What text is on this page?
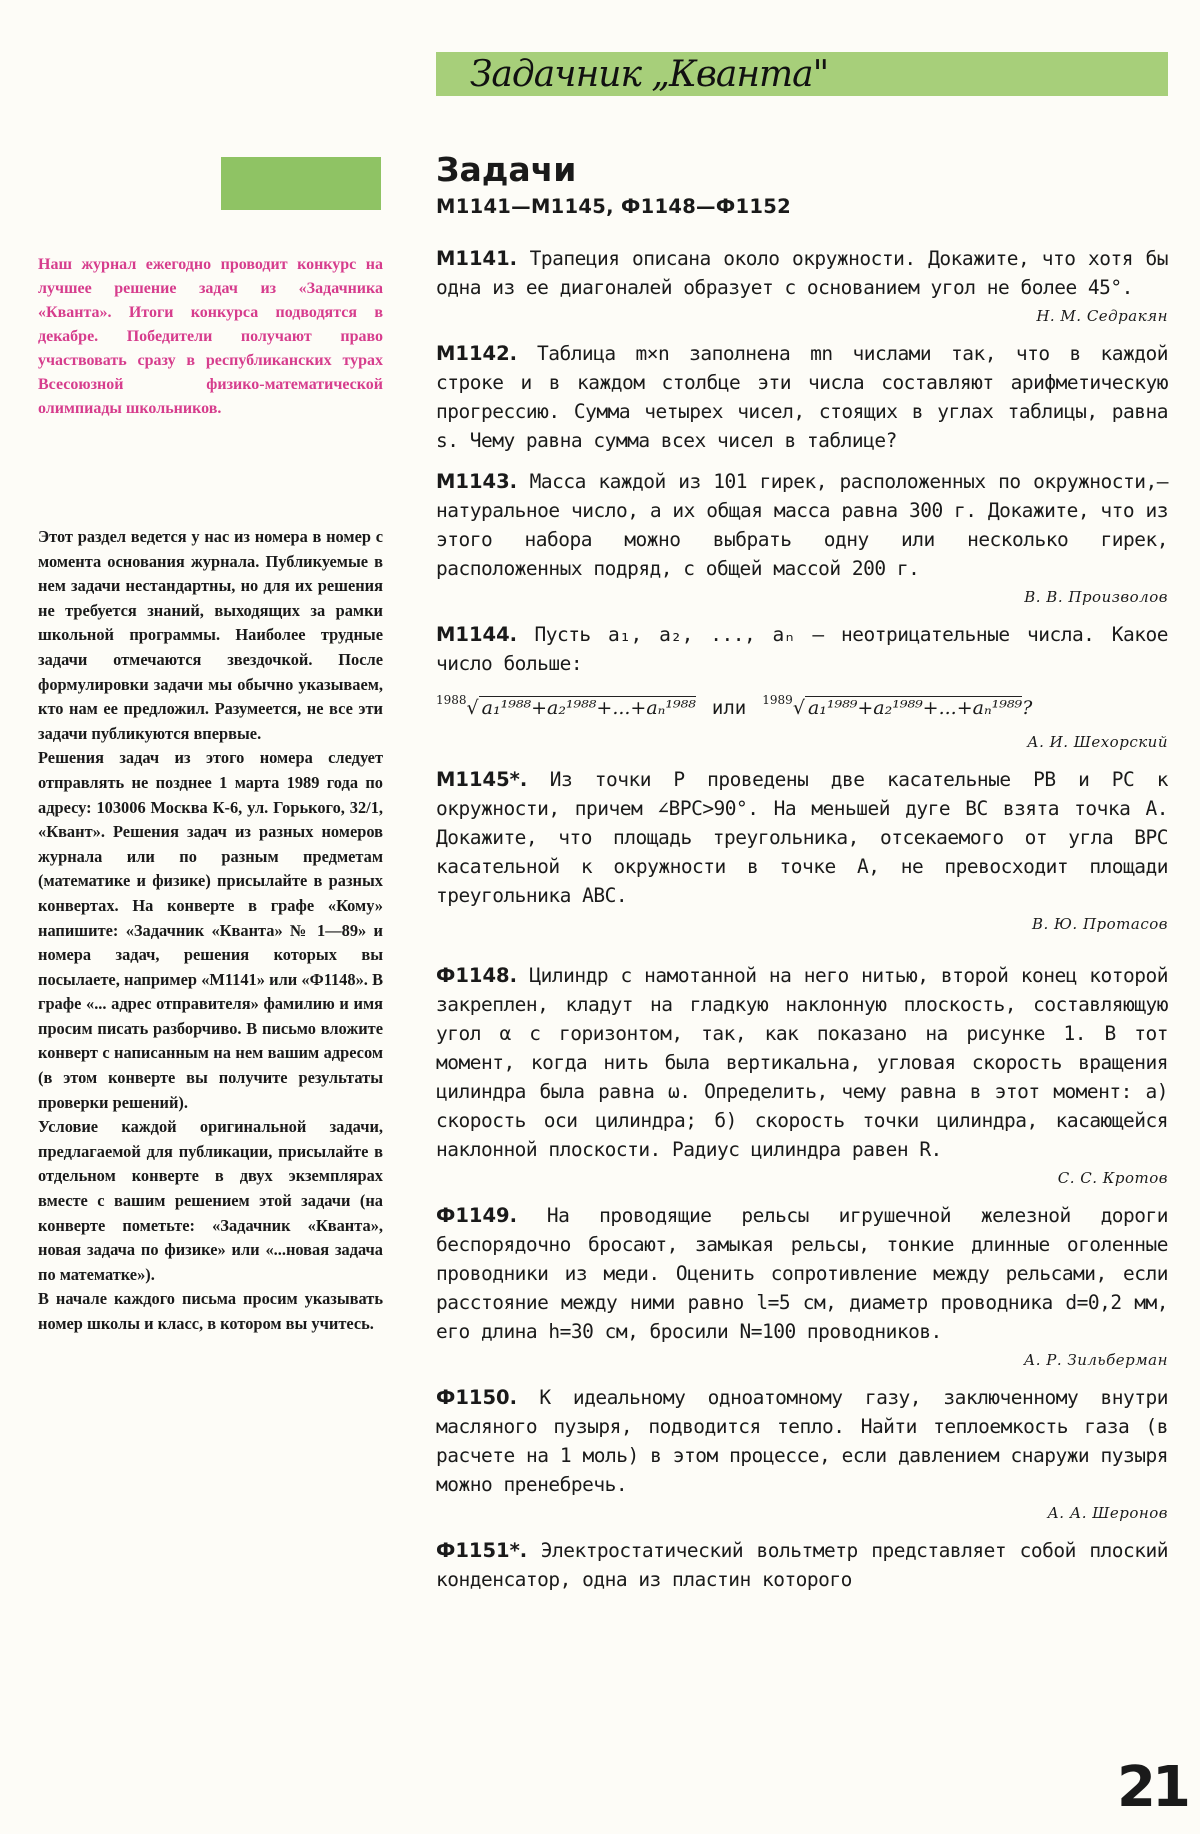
Задачник „Кванта"

Наш журнал ежегодно проводит конкурс на лучшее решение задач из «Задачника «Кванта». Итоги конкурса подводятся в декабре. Победители получают право участвовать сразу в республиканских турах Всесоюзной физико-математической олимпиады школьников.

Этот раздел ведется у нас из номера в номер с момента основания журнала. Публикуемые в нем задачи нестандартны, но для их решения не требуется знаний, выходящих за рамки школьной программы. Наиболее трудные задачи отмечаются звездочкой. После формулировки задачи мы обычно указываем, кто нам ее предложил. Разумеется, не все эти задачи публикуются впервые.

Решения задач из этого номера следует отправлять не позднее 1 марта 1989 года по адресу: 103006 Москва К-6, ул. Горького, 32/1, «Квант». Решения задач из разных номеров журнала или по разным предметам (математике и физике) присылайте в разных конвертах. На конверте в графе «Кому» напишите: «Задачник «Кванта» № 1—89» и номера задач, решения которых вы посылаете, например «М1141» или «Ф1148». В графе «... адрес отправителя» фамилию и имя просим писать разборчиво. В письмо вложите конверт с написанным на нем вашим адресом (в этом конверте вы получите результаты проверки решений).

Условие каждой оригинальной задачи, предлагаемой для публикации, присылайте в отдельном конверте в двух экземплярах вместе с вашим решением этой задачи (на конверте пометьте: «Задачник «Кванта», новая задача по физике» или «...новая задача по математке»).

В начале каждого письма просим указывать номер школы и класс, в котором вы учитесь.

Задачи
М1141—М1145, Ф1148—Ф1152

М1141. Трапеция описана около окружности. Докажите, что хотя бы одна из ее диагоналей образует с основанием угол не более 45°.

Н. М. Седракян

М1142. Таблица m×n заполнена mn числами так, что в каждой строке и в каждом столбце эти числа составляют арифметическую прогрессию. Сумма четырех чисел, стоящих в углах таблицы, равна s. Чему равна сумма всех чисел в таблице?

М1143. Масса каждой из 101 гирек, расположенных по окружности,— натуральное число, а их общая масса равна 300 г. Докажите, что из этого набора можно выбрать одну или несколько гирек, расположенных подряд, с общей массой 200 г.

В. В. Произволов

М1144. Пусть a₁, a₂, ..., aₙ — неотрицательные числа. Какое число больше:

$^{1988}$√ a₁¹⁹⁸⁸+a₂¹⁹⁸⁸+...+aₙ¹⁹⁸⁸ или $^{1989}$√ a₁¹⁹⁸⁹+a₂¹⁹⁸⁹+...+aₙ¹⁹⁸⁹?

А. И. Шехорский

М1145*. Из точки P проведены две касательные PB и PC к окружности, причем ∠BPC>90°. На меньшей дуге BC взята точка A. Докажите, что площадь треугольника, отсекаемого от угла BPC касательной к окружности в точке A, не превосходит площади треугольника ABC.

В. Ю. Протасов

Ф1148. Цилиндр с намотанной на него нитью, второй конец которой закреплен, кладут на гладкую наклонную плоскость, составляющую угол α с горизонтом, так, как показано на рисунке 1. В тот момент, когда нить была вертикальна, угловая скорость вращения цилиндра была равна ω. Определить, чему равна в этот момент: а) скорость оси цилиндра; б) скорость точки цилиндра, касающейся наклонной плоскости. Радиус цилиндра равен R.

С. С. Кротов

Ф1149. На проводящие рельсы игрушечной железной дороги беспорядочно бросают, замыкая рельсы, тонкие длинные оголенные проводники из меди. Оценить сопротивление между рельсами, если расстояние между ними равно l=5 см, диаметр проводника d=0,2 мм, его длина h=30 см, бросили N=100 проводников.

А. Р. Зильберман

Ф1150. К идеальному одноатомному газу, заключенному внутри масляного пузыря, подводится тепло. Найти теплоемкость газа (в расчете на 1 моль) в этом процессе, если давлением снаружи пузыря можно пренебречь.

А. А. Шеронов

Ф1151*. Электростатический вольтметр представляет собой плоский конденсатор, одна из пластин которого

21
